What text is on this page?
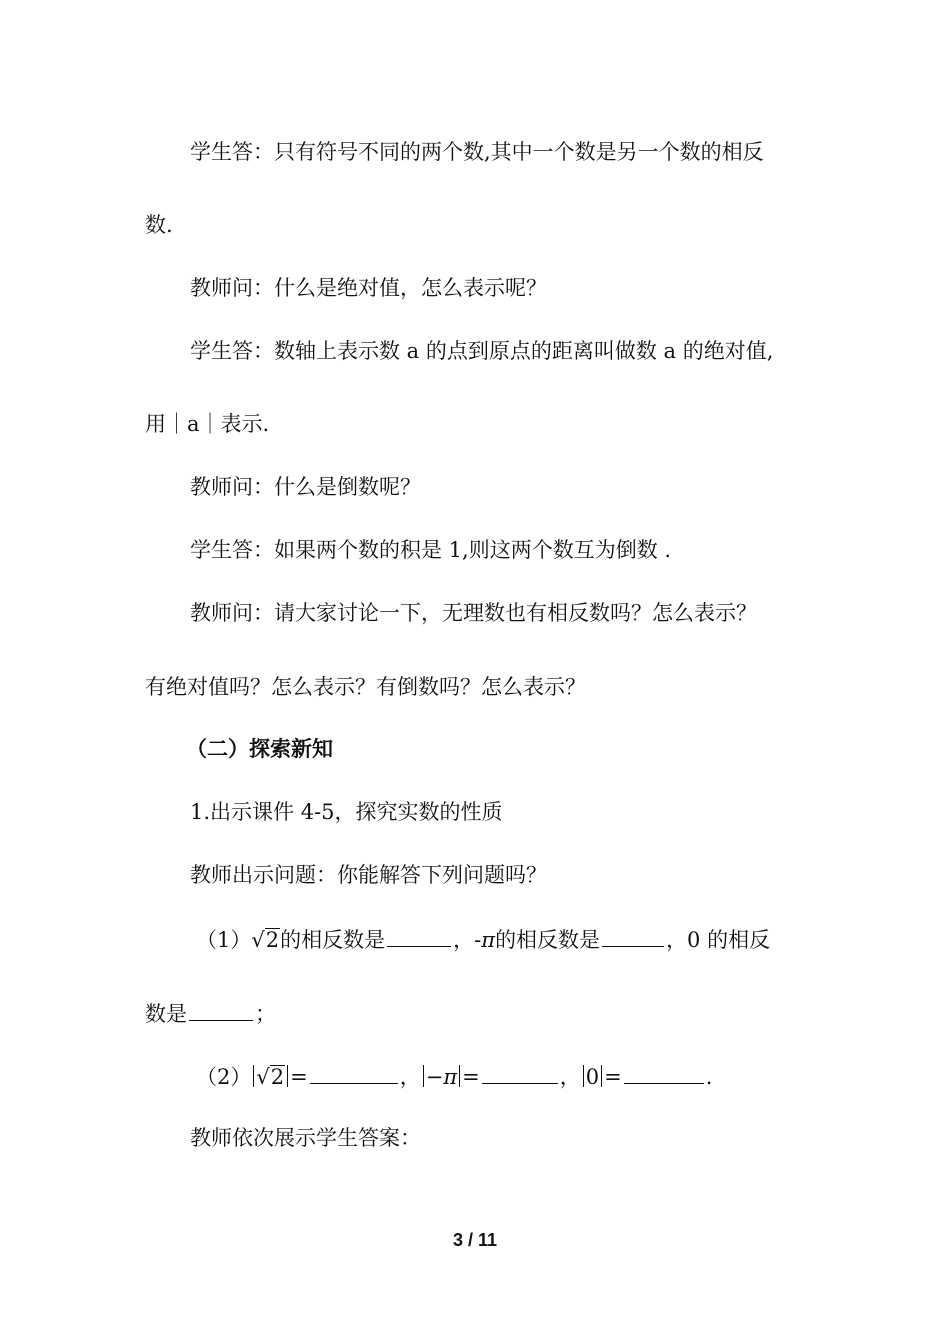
学生答：只有符号不同的两个数,其中一个数是另一个数的相反
数.
教师问：什么是绝对值，怎么表示呢？
学生答：数轴上表示数 a 的点到原点的距离叫做数 a 的绝对值,
用｜a｜表示.
教师问：什么是倒数呢？
学生答：如果两个数的积是 1,则这两个数互为倒数 .
教师问：请大家讨论一下，无理数也有相反数吗？怎么表示？
有绝对值吗？怎么表示？有倒数吗？怎么表示？
（二）探索新知
1.出示课件 4-5，探究实数的性质
教师出示问题：你能解答下列问题吗？
（1）√2的相反数是	，-π的相反数是	，0 的相反
数是	；
（2） √2 =	， −π =	， 0 =	.
教师依次展示学生答案：
3 / 11
